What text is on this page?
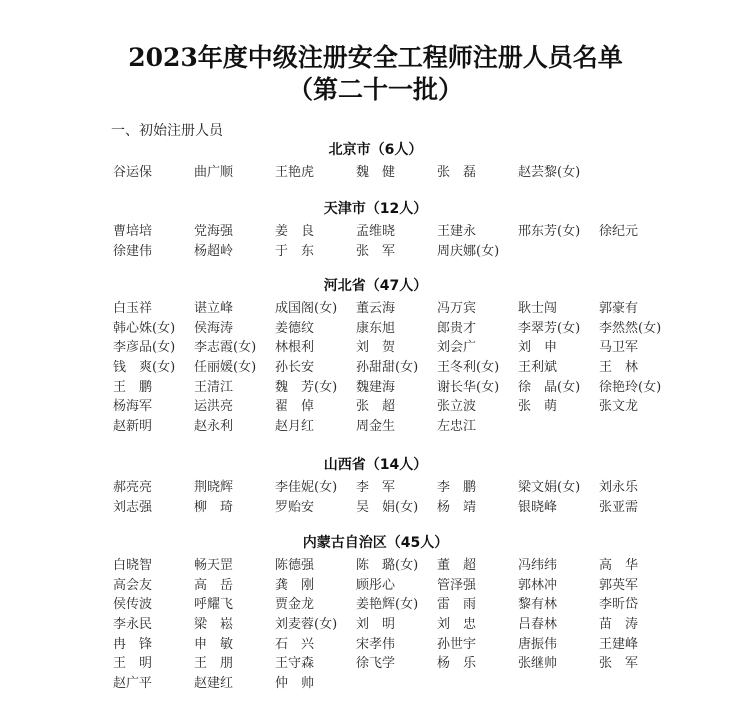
2023年度中级注册安全工程师注册人员名单
（第二十一批）
一、初始注册人员
北京市（6人）
谷运保	曲广顺	王艳虎	魏　健	张　磊	赵芸黎(女)
天津市（12人）
曹培培	党海强	姜　良	孟维晓	王建永	邢东芳(女)	徐纪元
徐建伟	杨超岭	于　东	张　军	周庆娜(女)
河北省（47人）
白玉祥	谌立峰	成国阁(女)	董云海	冯万宾	耿士闯	郭豪有
韩心姝(女)	侯海涛	姜德纹	康东旭	郎贵才	李翠芳(女)	李然然(女)
李彦品(女)	李志霞(女)	林根利	刘　贺	刘会广	刘　申	马卫军
钱　爽(女)	任丽媛(女)	孙长安	孙甜甜(女)	王冬利(女)	王利斌	王　林
王　鹏	王清江	魏　芳(女)	魏建海	谢长华(女)	徐　晶(女)	徐艳玲(女)
杨海军	运洪亮	翟　倬	张　超	张立波	张　萌	张文龙
赵新明	赵永利	赵月红	周金生	左忠江
山西省（14人）
郝亮亮	荆晓辉	李佳妮(女)	李　军	李　鹏	梁文娟(女)	刘永乐
刘志强	柳　琦	罗贻安	吴　娟(女)	杨　靖	银晓峰	张亚需
内蒙古自治区（45人）
白晓智	畅天罡	陈德强	陈　璐(女)	董　超	冯纬纬	高　华
高会友	高　岳	龚　刚	顾彤心	管泽强	郭林冲	郭英军
侯传波	呼耀飞	贾金龙	姜艳辉(女)	雷　雨	黎有林	李昕岱
李永民	梁　崧	刘麦蓉(女)	刘　明	刘　忠	吕春林	苗　涛
冉　锋	申　敏	石　兴	宋孝伟	孙世宇	唐振伟	王建峰
王　明	王　朋	王守森	徐飞学	杨　乐	张继帅	张　军
赵广平	赵建红	仲　帅
